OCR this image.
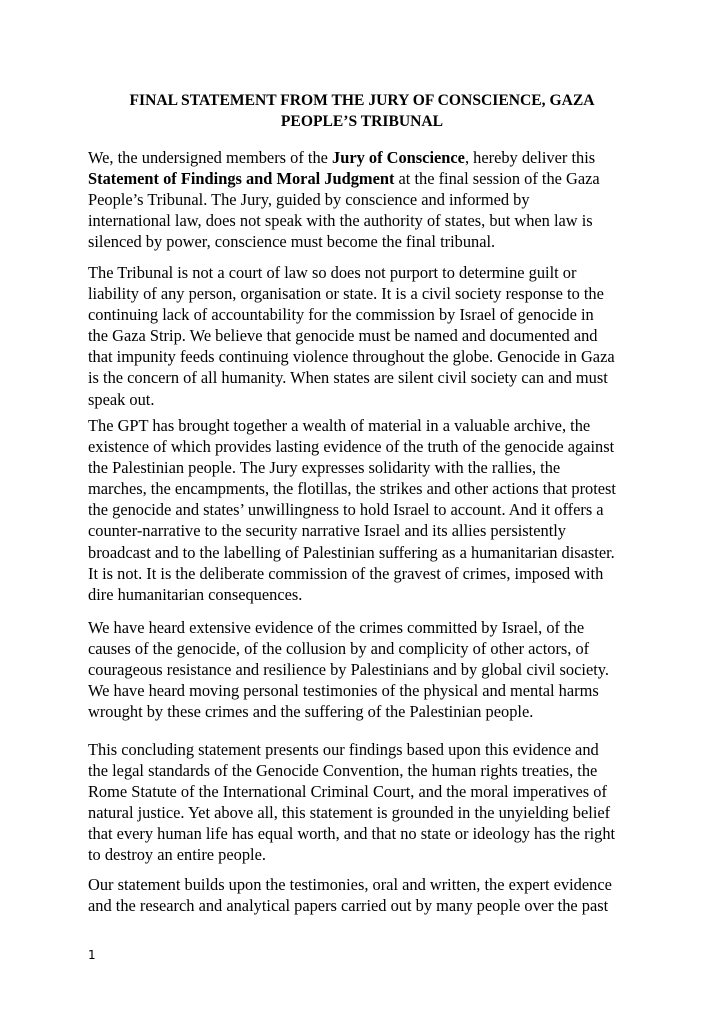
FINAL STATEMENT FROM THE JURY OF CONSCIENCE, GAZA
PEOPLE’S TRIBUNAL

We, the undersigned members of the Jury of Conscience, hereby deliver this
Statement of Findings and Moral Judgment at the final session of the Gaza
People’s Tribunal. The Jury, guided by conscience and informed by
international law, does not speak with the authority of states, but when law is
silenced by power, conscience must become the final tribunal.

The Tribunal is not a court of law so does not purport to determine guilt or
liability of any person, organisation or state. It is a civil society response to the
continuing lack of accountability for the commission by Israel of genocide in
the Gaza Strip. We believe that genocide must be named and documented and
that impunity feeds continuing violence throughout the globe. Genocide in Gaza
is the concern of all humanity. When states are silent civil society can and must
speak out.

The GPT has brought together a wealth of material in a valuable archive, the
existence of which provides lasting evidence of the truth of the genocide against
the Palestinian people. The Jury expresses solidarity with the rallies, the
marches, the encampments, the flotillas, the strikes and other actions that protest
the genocide and states’ unwillingness to hold Israel to account. And it offers a
counter-narrative to the security narrative Israel and its allies persistently
broadcast and to the labelling of Palestinian suffering as a humanitarian disaster.
It is not. It is the deliberate commission of the gravest of crimes, imposed with
dire humanitarian consequences.

We have heard extensive evidence of the crimes committed by Israel, of the
causes of the genocide, of the collusion by and complicity of other actors, of
courageous resistance and resilience by Palestinians and by global civil society.
We have heard moving personal testimonies of the physical and mental harms
wrought by these crimes and the suffering of the Palestinian people.

This concluding statement presents our findings based upon this evidence and
the legal standards of the Genocide Convention, the human rights treaties, the
Rome Statute of the International Criminal Court, and the moral imperatives of
natural justice. Yet above all, this statement is grounded in the unyielding belief
that every human life has equal worth, and that no state or ideology has the right
to destroy an entire people.

Our statement builds upon the testimonies, oral and written, the expert evidence
and the research and analytical papers carried out by many people over the past

1
